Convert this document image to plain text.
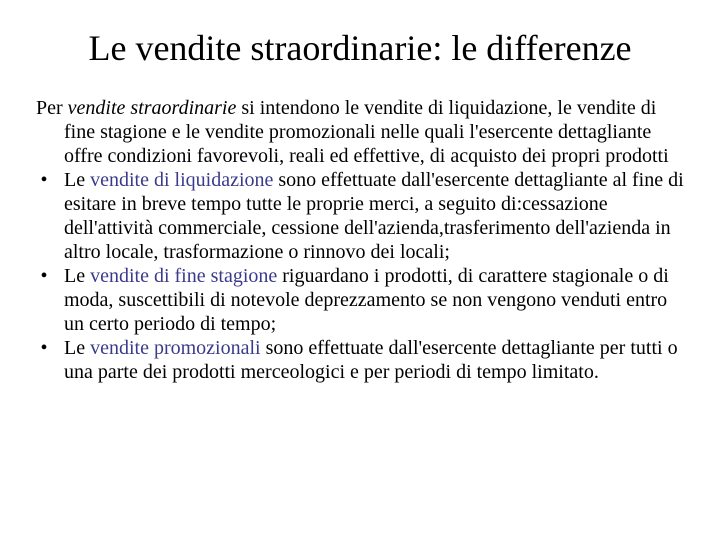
Le vendite straordinarie: le differenze

Per vendite straordinarie si intendono le vendite di liquidazione, le vendite di fine stagione e le vendite promozionali nelle quali l'esercente dettagliante offre condizioni favorevoli, reali ed effettive, di acquisto dei propri prodotti

• Le vendite di liquidazione sono effettuate dall'esercente dettagliante al fine di esitare in breve tempo tutte le proprie merci, a seguito di:cessazione dell'attività commerciale, cessione dell'azienda,trasferimento dell'azienda in altro locale, trasformazione o rinnovo dei locali;

• Le vendite di fine stagione riguardano i prodotti, di carattere stagionale o di moda, suscettibili di notevole deprezzamento se non vengono venduti entro un certo periodo di tempo;

• Le vendite promozionali sono effettuate dall'esercente dettagliante per tutti o una parte dei prodotti merceologici e per periodi di tempo limitato.
